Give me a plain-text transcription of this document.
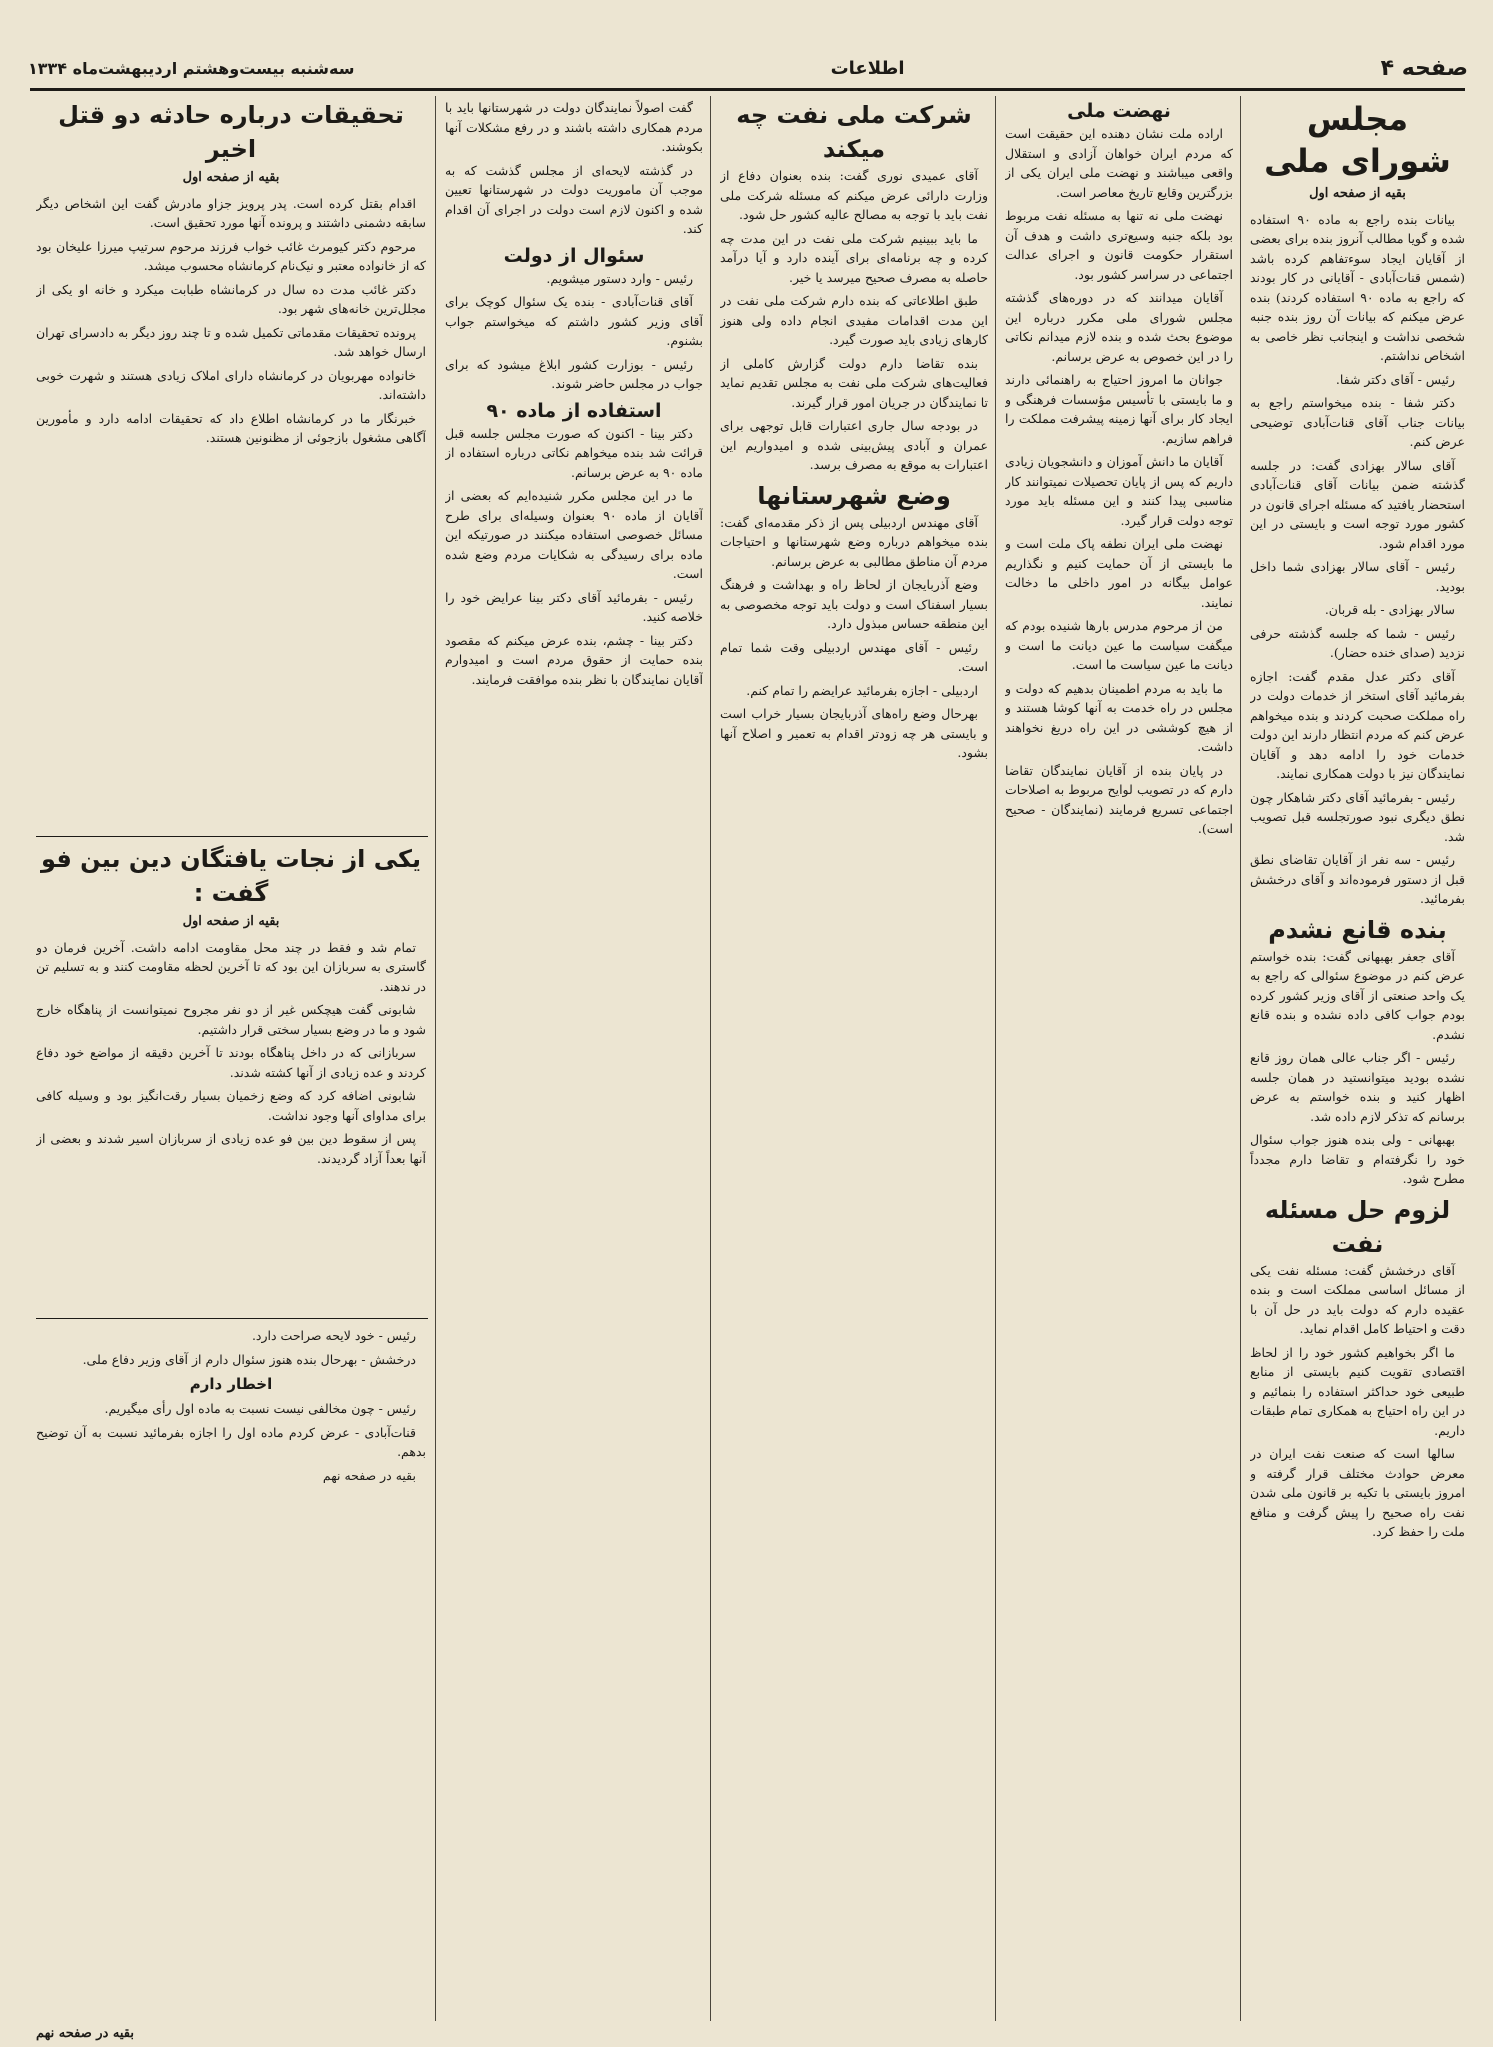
صفحه ۴
اطلاعات
سه‌شنبه بیست‌وهشتم اردیبهشت‌ماه ۱۳۳۴
مجلس شورای ملی
بقیه از صفحه اول

بیانات بنده راجع به ماده ۹۰ استفاده شده و گویا مطالب آنروز بنده برای بعضی از آقایان ایجاد سوءتفاهم کرده باشد (شمس قنات‌آبادی - آقایانی در کار بودند که راجع به ماده ۹۰ استفاده کردند) بنده عرض میکنم که بیانات آن روز بنده جنبه شخصی نداشت و اینجانب نظر خاصی به اشخاص نداشتم.

رئیس - آقای دکتر شفا.

دکتر شفا - بنده میخواستم راجع به بیانات جناب آقای قنات‌آبادی توضیحی عرض کنم.

آقای سالار بهزادی گفت: در جلسه گذشته ضمن بیانات آقای قنات‌آبادی استحضار یافتید که مسئله اجرای قانون در کشور مورد توجه است و بایستی در این مورد اقدام شود.

رئیس - آقای سالار بهزادی شما داخل بودید.

سالار بهزادی - بله قربان.

رئیس - شما که جلسه گذشته حرفی نزدید (صدای خنده حضار).

آقای دکتر عدل مقدم گفت: اجازه بفرمائید آقای استخر از خدمات دولت در راه مملکت صحبت کردند و بنده میخواهم عرض کنم که مردم انتظار دارند این دولت خدمات خود را ادامه دهد و آقایان نمایندگان نیز با دولت همکاری نمایند.

رئیس - بفرمائید آقای دکتر شاهکار چون نطق دیگری نبود صورتجلسه قبل تصویب شد.

رئیس - سه نفر از آقایان تقاضای نطق قبل از دستور فرموده‌اند و آقای درخشش بفرمائید.

بنده قانع نشدم

آقای جعفر بهبهانی گفت: بنده خواستم عرض کنم در موضوع سئوالی که راجع به یک واحد صنعتی از آقای وزیر کشور کرده بودم جواب کافی داده نشده و بنده قانع نشدم.

رئیس - اگر جناب عالی همان روز قانع نشده بودید میتوانستید در همان جلسه اظهار کنید و بنده خواستم به عرض برسانم که تذکر لازم داده شد.

بهبهانی - ولی بنده هنوز جواب سئوال خود را نگرفته‌ام و تقاضا دارم مجدداً مطرح شود.

لزوم حل مسئله نفت

آقای درخشش گفت: مسئله نفت یکی از مسائل اساسی مملکت است و بنده عقیده دارم که دولت باید در حل آن با دقت و احتیاط کامل اقدام نماید.

ما اگر بخواهیم کشور خود را از لحاظ اقتصادی تقویت کنیم بایستی از منابع طبیعی خود حداکثر استفاده را بنمائیم و در این راه احتیاج به همکاری تمام طبقات داریم.

سالها است که صنعت نفت ایران در معرض حوادث مختلف قرار گرفته و امروز بایستی با تکیه بر قانون ملی شدن نفت راه صحیح را پیش گرفت و منافع ملت را حفظ کرد.

نهضت ملی

اراده ملت نشان دهنده این حقیقت است که مردم ایران خواهان آزادی و استقلال واقعی میباشند و نهضت ملی ایران یکی از بزرگترین وقایع تاریخ معاصر است.

نهضت ملی نه تنها به مسئله نفت مربوط بود بلکه جنبه وسیع‌تری داشت و هدف آن استقرار حکومت قانون و اجرای عدالت اجتماعی در سراسر کشور بود.

آقایان میدانند که در دوره‌های گذشته مجلس شورای ملی مکرر درباره این موضوع بحث شده و بنده لازم میدانم نکاتی را در این خصوص به عرض برسانم.

جوانان ما امروز احتیاج به راهنمائی دارند و ما بایستی با تأسیس مؤسسات فرهنگی و ایجاد کار برای آنها زمینه پیشرفت مملکت را فراهم سازیم.

آقایان ما دانش آموزان و دانشجویان زیادی داریم که پس از پایان تحصیلات نمیتوانند کار مناسبی پیدا کنند و این مسئله باید مورد توجه دولت قرار گیرد.

نهضت ملی ایران نطفه پاک ملت است و ما بایستی از آن حمایت کنیم و نگذاریم عوامل بیگانه در امور داخلی ما دخالت نمایند.

من از مرحوم مدرس بارها شنیده بودم که میگفت سیاست ما عین دیانت ما است و دیانت ما عین سیاست ما است.

ما باید به مردم اطمینان بدهیم که دولت و مجلس در راه خدمت به آنها کوشا هستند و از هیچ کوششی در این راه دریغ نخواهند داشت.

در پایان بنده از آقایان نمایندگان تقاضا دارم که در تصویب لوایح مربوط به اصلاحات اجتماعی تسریع فرمایند (نمایندگان - صحیح است).

شرکت ملی نفت چه میکند

آقای عمیدی نوری گفت: بنده بعنوان دفاع از وزارت دارائی عرض میکنم که مسئله شرکت ملی نفت باید با توجه به مصالح عالیه کشور حل شود.

ما باید ببینیم شرکت ملی نفت در این مدت چه کرده و چه برنامه‌ای برای آینده دارد و آیا درآمد حاصله به مصرف صحیح میرسد یا خیر.

طبق اطلاعاتی که بنده دارم شرکت ملی نفت در این مدت اقدامات مفیدی انجام داده ولی هنوز کارهای زیادی باید صورت گیرد.

بنده تقاضا دارم دولت گزارش کاملی از فعالیت‌های شرکت ملی نفت به مجلس تقدیم نماید تا نمایندگان در جریان امور قرار گیرند.

در بودجه سال جاری اعتبارات قابل توجهی برای عمران و آبادی پیش‌بینی شده و امیدواریم این اعتبارات به موقع به مصرف برسد.

وضع شهرستانها

آقای مهندس اردبیلی پس از ذکر مقدمه‌ای گفت: بنده میخواهم درباره وضع شهرستانها و احتیاجات مردم آن مناطق مطالبی به عرض برسانم.

وضع آذربایجان از لحاظ راه و بهداشت و فرهنگ بسیار اسفناک است و دولت باید توجه مخصوصی به این منطقه حساس مبذول دارد.

رئیس - آقای مهندس اردبیلی وقت شما تمام است.

اردبیلی - اجازه بفرمائید عرایضم را تمام کنم.

بهرحال وضع راه‌های آذربایجان بسیار خراب است و بایستی هر چه زودتر اقدام به تعمیر و اصلاح آنها بشود.

گفت اصولاً نمایندگان دولت در شهرستانها باید با مردم همکاری داشته باشند و در رفع مشکلات آنها بکوشند.

در گذشته لایحه‌ای از مجلس گذشت که به موجب آن ماموریت دولت در شهرستانها تعیین شده و اکنون لازم است دولت در اجرای آن اقدام کند.

سئوال از دولت

رئیس - وارد دستور میشویم.

آقای قنات‌آبادی - بنده یک سئوال کوچک برای آقای وزیر کشور داشتم که میخواستم جواب بشنوم.

رئیس - بوزارت کشور ابلاغ میشود که برای جواب در مجلس حاضر شوند.

استفاده از ماده ۹۰

دکتر بینا - اکنون که صورت مجلس جلسه قبل قرائت شد بنده میخواهم نکاتی درباره استفاده از ماده ۹۰ به عرض برسانم.

ما در این مجلس مکرر شنیده‌ایم که بعضی از آقایان از ماده ۹۰ بعنوان وسیله‌ای برای طرح مسائل خصوصی استفاده میکنند در صورتیکه این ماده برای رسیدگی به شکایات مردم وضع شده است.

رئیس - بفرمائید آقای دکتر بینا عرایض خود را خلاصه کنید.

دکتر بینا - چشم، بنده عرض میکنم که مقصود بنده حمایت از حقوق مردم است و امیدوارم آقایان نمایندگان با نظر بنده موافقت فرمایند.

تحقیقات درباره حادثه دو قتل اخیر
بقیه از صفحه اول

اقدام بقتل کرده است. پدر پرویز جزاو مادرش گفت این اشخاص دیگر سابقه دشمنی داشتند و پرونده آنها مورد تحقیق است.

مرحوم دکتر کیومرث غائب خواب فرزند مرحوم سرتیپ میرزا علیخان بود که از خانواده معتبر و نیک‌نام کرمانشاه محسوب میشد.

دکتر غائب مدت ده سال در کرمانشاه طبابت میکرد و خانه او یکی از مجلل‌ترین خانه‌های شهر بود.

پرونده تحقیقات مقدماتی تکمیل شده و تا چند روز دیگر به دادسرای تهران ارسال خواهد شد.

خانواده مهربویان در کرمانشاه دارای املاک زیادی هستند و شهرت خوبی داشته‌اند.

خبرنگار ما در کرمانشاه اطلاع داد که تحقیقات ادامه دارد و مأمورین آگاهی مشغول بازجوئی از مظنونین هستند.

یکی از نجات یافتگان دین بین فو گفت :
بقیه از صفحه اول

تمام شد و فقط در چند محل مقاومت ادامه داشت. آخرین فرمان دو گاستری به سربازان این بود که تا آخرین لحظه مقاومت کنند و به تسلیم تن در ندهند.

شابونی گفت هیچکس غیر از دو نفر مجروح نمیتوانست از پناهگاه خارج شود و ما در وضع بسیار سختی قرار داشتیم.

سربازانی که در داخل پناهگاه بودند تا آخرین دقیقه از مواضع خود دفاع کردند و عده زیادی از آنها کشته شدند.

شابونی اضافه کرد که وضع زخمیان بسیار رقت‌انگیز بود و وسیله کافی برای مداوای آنها وجود نداشت.

پس از سقوط دین بین فو عده زیادی از سربازان اسیر شدند و بعضی از آنها بعداً آزاد گردیدند.

رئیس - خود لایحه صراحت دارد.

درخشش - بهرحال بنده هنوز سئوال دارم از آقای وزیر دفاع ملی.

اخطار دارم

رئیس - چون مخالفی نیست نسبت به ماده اول رأی میگیریم.

قنات‌آبادی - عرض کردم ماده اول را اجازه بفرمائید نسبت به آن توضیح بدهم.

بقیه در صفحه نهم

بقیه در صفحه نهم
